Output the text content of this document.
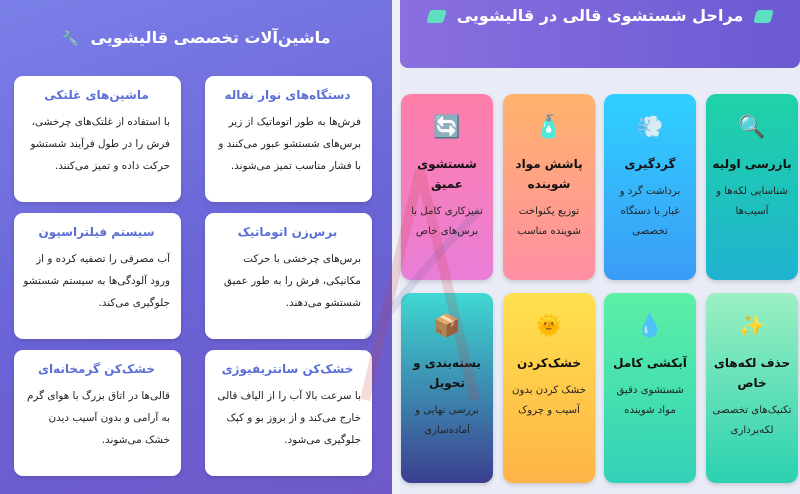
ماشین‌آلات تخصصی قالیشویی 🔧
دستگاه‌های نوار نقاله
فرش‌ها به طور اتوماتیک از زیر برس‌های شستشو عبور می‌کنند و با فشار مناسب تمیز می‌شوند.
ماشین‌های غلتکی
با استفاده از غلتک‌های چرخشی، فرش را در طول فرآیند شستشو حرکت داده و تمیز می‌کنند.
برس‌زن اتوماتیک
برس‌های چرخشی با حرکت مکانیکی، فرش را به طور عمیق شستشو می‌دهند.
سیستم فیلتراسیون
آب مصرفی را تصفیه کرده و از ورود آلودگی‌ها به سیستم شستشو جلوگیری می‌کند.
خشک‌کن سانتریفیوژی
با سرعت بالا آب را از الیاف قالی خارج می‌کند و از بروز بو و کپک جلوگیری می‌شود.
خشک‌کن گرمخانه‌ای
قالی‌ها در اتاق بزرگ با هوای گرم به آرامی و بدون آسیب دیدن خشک می‌شوند.
مراحل شستشوی قالی در قالیشویی
🔍
بازرسی اولیه
شناسایی لکه‌ها و آسیب‌ها
💨
گردگیری
برداشت گرد و غبار با دستگاه تخصصی
🧴
پاشش مواد شوینده
توزیع یکنواخت شوینده مناسب
🔄
شستشوی عمیق
تمیزکاری کامل با برس‌های خاص
✨
حذف لکه‌های خاص
تکنیک‌های تخصصی لکه‌برداری
💧
آبکشی کامل
شستشوی دقیق مواد شوینده
🌞
خشک‌کردن
خشک کردن بدون آسیب و چروک
📦
بسته‌بندی و تحویل
بررسی نهایی و آماده‌سازی
